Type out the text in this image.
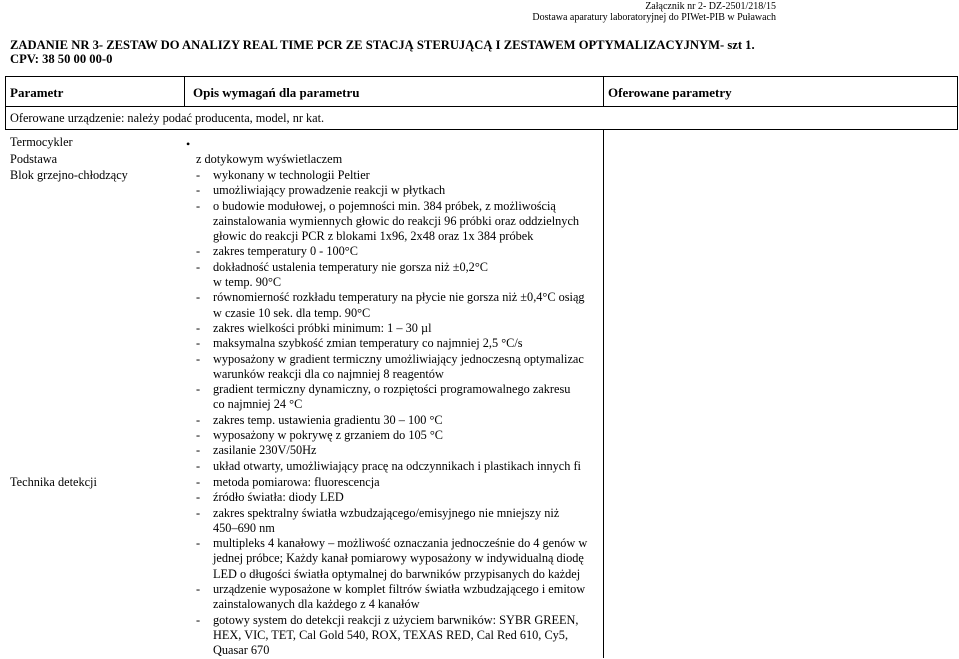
Załącznik nr 2- DZ-2501/218/15
Dostawa aparatury laboratoryjnej do PIWet-PIB w Puławach
ZADANIE NR 3- ZESTAW DO ANALIZY REAL TIME PCR ZE STACJĄ STERUJĄCĄ I ZESTAWEM OPTYMALIZACYJNYM- szt 1.
CPV: 38 50 00 00-0
Parametr	Opis wymagań dla parametru	Oferowane parametry
Oferowane urządzenie: należy podać producenta, model, nr kat.
Termocykler	•
Podstawa	z dotykowym wyświetlaczem
Blok grzejno-chłodzący	- wykonany w technologii Peltier
- umożliwiający prowadzenie reakcji w płytkach
- o budowie modułowej, o pojemności min. 384 próbek, z możliwością
zainstalowania wymiennych głowic do reakcji 96 próbki oraz oddzielnych
głowic do reakcji PCR z blokami 1x96, 2x48 oraz 1x 384 próbek
- zakres temperatury 0 - 100°C
- dokładność ustalenia temperatury nie gorsza niż ±0,2°C
w temp. 90°C
- równomierność rozkładu temperatury na płycie nie gorsza niż ±0,4°C osiąg
w czasie 10 sek. dla temp. 90°C
- zakres wielkości próbki minimum: 1 – 30 µl
- maksymalna szybkość zmian temperatury co najmniej 2,5 °C/s
- wyposażony w gradient termiczny umożliwiający jednoczesną optymalizac
warunków reakcji dla co najmniej 8 reagentów
- gradient termiczny dynamiczny, o rozpiętości programowalnego zakresu
co najmniej 24 °C
- zakres temp. ustawienia gradientu 30 – 100 °C
- wyposażony w pokrywę z grzaniem do 105 °C
- zasilanie 230V/50Hz
- układ otwarty, umożliwiający pracę na odczynnikach i plastikach innych fi
Technika detekcji	- metoda pomiarowa: fluorescencja
- źródło światła: diody LED
- zakres spektralny światła wzbudzającego/emisyjnego nie mniejszy niż
450–690 nm
- multipleks 4 kanałowy – możliwość oznaczania jednocześnie do 4 genów w
jednej próbce; Każdy kanał pomiarowy wyposażony w indywidualną diodę
LED o długości światła optymalnej do barwników przypisanych do każdej
- urządzenie wyposażone w komplet filtrów światła wzbudzającego i emitow
zainstalowanych dla każdego z 4 kanałów
- gotowy system do detekcji reakcji z użyciem barwników: SYBR GREEN,
HEX, VIC, TET, Cal Gold 540, ROX, TEXAS RED, Cal Red 610, Cy5,
Quasar 670
